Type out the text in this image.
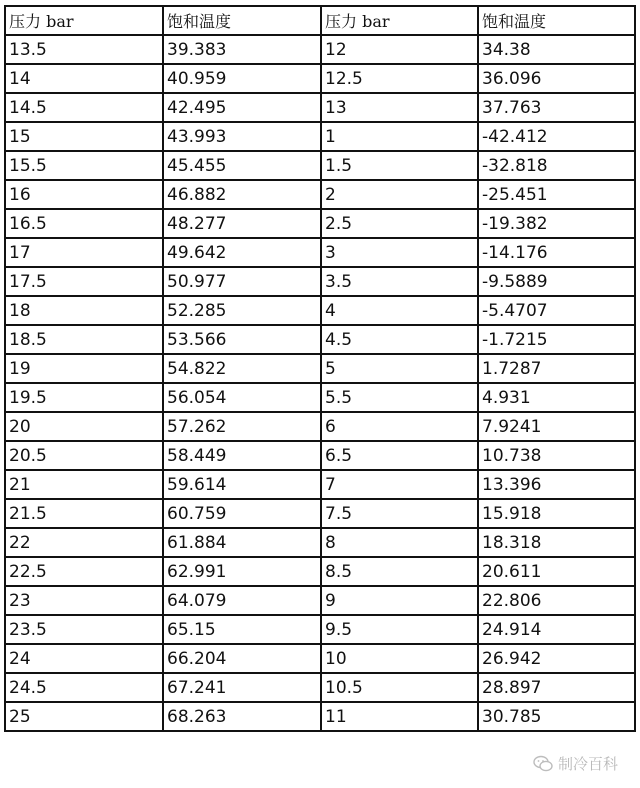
压力 bar	饱和温度	压力 bar	饱和温度
13.5	39.383	12	34.38
14	40.959	12.5	36.096
14.5	42.495	13	37.763
15	43.993	1	-42.412
15.5	45.455	1.5	-32.818
16	46.882	2	-25.451
16.5	48.277	2.5	-19.382
17	49.642	3	-14.176
17.5	50.977	3.5	-9.5889
18	52.285	4	-5.4707
18.5	53.566	4.5	-1.7215
19	54.822	5	1.7287
19.5	56.054	5.5	4.931
20	57.262	6	7.9241
20.5	58.449	6.5	10.738
21	59.614	7	13.396
21.5	60.759	7.5	15.918
22	61.884	8	18.318
22.5	62.991	8.5	20.611
23	64.079	9	22.806
23.5	65.15	9.5	24.914
24	66.204	10	26.942
24.5	67.241	10.5	28.897
25	68.263	11	30.785
制冷百科
